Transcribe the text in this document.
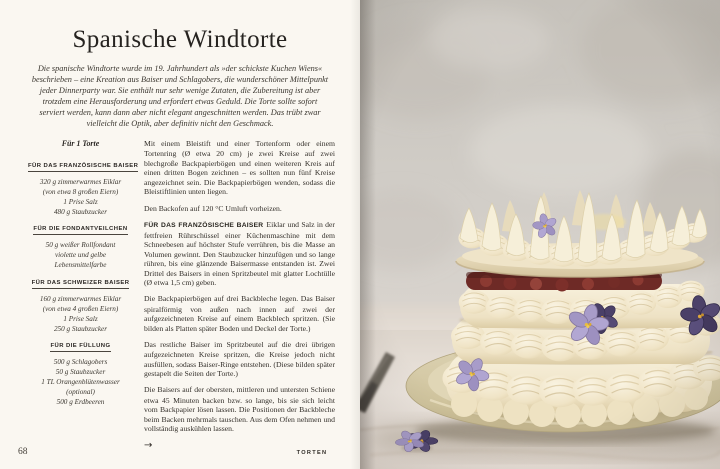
Spanische Windtorte

Die spanische Windtorte wurde im 19. Jahrhundert als »der schickste Kuchen Wiens« beschrieben – eine Kreation aus Baiser und Schlagobers, die wunderschöner Mittelpunkt jeder Dinnerparty war. Sie enthält nur sehr wenige Zutaten, die Zubereitung ist aber trotzdem eine Herausforderung und erfordert etwas Geduld. Die Torte sollte sofort serviert werden, kann dann aber nicht elegant angeschnitten werden. Das trübt zwar vielleicht die Optik, aber definitiv nicht den Geschmack.

Für 1 Torte
FÜR DAS FRANZÖSISCHE BAISER
320 g zimmerwarmes Eiklar
(von etwa 8 großen Eiern)
1 Prise Salz
480 g Staubzucker
FÜR DIE FONDANTVEILCHEN
50 g weißer Rollfondant
violette und gelbe
Lebensmittelfarbe
FÜR DAS SCHWEIZER BAISER
160 g zimmerwarmes Eiklar
(von etwa 4 großen Eiern)
1 Prise Salz
250 g Staubzucker
FÜR DIE FÜLLUNG
500 g Schlagobers
50 g Staubzucker
1 TL Orangenblütenwasser
(optional)
500 g Erdbeeren

Mit einem Bleistift und einer Tortenform oder einem Tortenring (Ø etwa 20 cm) je zwei Kreise auf zwei blechgroße Backpapierbögen und einen weiteren Kreis auf einen dritten Bogen zeichnen – es sollten nun fünf Kreise angezeichnet sein. Die Backpapierbögen wenden, sodass die Bleistiftlinien unten liegen.

Den Backofen auf 120 °C Umluft vorheizen.

FÜR DAS FRANZÖSISCHE BAISER Eiklar und Salz in der fettfreien Rührschüssel einer Küchenmaschine mit dem Schneebesen auf höchster Stufe verrühren, bis die Masse an Volumen gewinnt. Den Staubzucker hinzufügen und so lange rühren, bis eine glänzende Baisermasse entstanden ist. Zwei Drittel des Baisers in einen Spritzbeutel mit glatter Lochtülle (Ø etwa 1,5 cm) geben.

Die Backpapierbögen auf drei Backbleche legen. Das Baiser spiralförmig von außen nach innen auf zwei der aufgezeichneten Kreise auf einem Backblech spritzen. (Sie bilden als Platten später Boden und Deckel der Torte.)

Das restliche Baiser im Spritzbeutel auf die drei übrigen aufgezeichneten Kreise spritzen, die Kreise jedoch nicht ausfüllen, sodass Baiser-Ringe entstehen. (Diese bilden später gestapelt die Seiten der Torte.)

Die Baisers auf der obersten, mittleren und untersten Schiene etwa 45 Minuten backen bzw. so lange, bis sie sich leicht vom Backpapier lösen lassen. Die Positionen der Backbleche beim Backen mehrmals tauschen. Aus dem Ofen nehmen und vollständig auskühlen lassen.

→
68	TORTEN
